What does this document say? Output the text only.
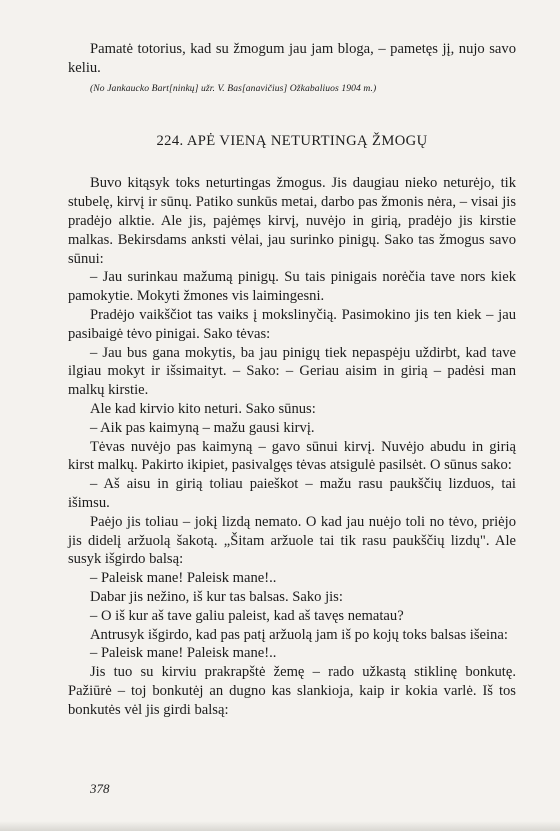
Pamatė totorius, kad su žmogum jau jam bloga, – pametęs jį, nujo savo keliu.

(No Jankaucko Bart[ninkų] užr. V. Bas[anavičius] Ožkabaliuos 1904 m.)

224. APĖ VIENĄ NETURTINGĄ ŽMOGŲ

Buvo kitąsyk toks neturtingas žmogus. Jis daugiau nieko neturėjo, tik stubelę, kirvį ir sūnų. Patiko sunkūs metai, darbo pas žmonis nėra, – visai jis pradėjo alktie. Ale jis, pajėmęs kirvį, nuvėjo in girią, pradėjo jis kirstie malkas. Bekirsdams anksti vėlai, jau surinko pinigų. Sako tas žmogus savo sūnui:

– Jau surinkau mažumą pinigų. Su tais pinigais norėčia tave nors kiek pamokytie. Mokyti žmones vis laimingesni.

Pradėjo vaikščiot tas vaiks į mokslinyčią. Pasimokino jis ten kiek – jau pasibaigė tėvo pinigai. Sako tėvas:

– Jau bus gana mokytis, ba jau pinigų tiek nepaspėju uždirbt, kad tave ilgiau mokyt ir išsimaityt. – Sako: – Geriau aisim in girią – padėsi man malkų kirstie.

Ale kad kirvio kito neturi. Sako sūnus:

– Aik pas kaimyną – mažu gausi kirvį.

Tėvas nuvėjo pas kaimyną – gavo sūnui kirvį. Nuvėjo abudu in girią kirst malkų. Pakirto ikipiet, pasivalgęs tėvas atsigulė pasilsėt. O sūnus sako:

– Aš aisu in girią toliau paieškot – mažu rasu paukščių lizduos, tai išimsu.

Paėjo jis toliau – jokį lizdą nemato. O kad jau nuėjo toli no tėvo, priėjo jis didelį aržuolą šakotą. „Šitam aržuole tai tik rasu paukščių lizdų". Ale susyk išgirdo balsą:

– Paleisk mane! Paleisk mane!..

Dabar jis nežino, iš kur tas balsas. Sako jis:

– O iš kur aš tave galiu paleist, kad aš tavęs nematau?

Antrusyk išgirdo, kad pas patį aržuolą jam iš po kojų toks balsas išeina:

– Paleisk mane! Paleisk mane!..

Jis tuo su kirviu prakrapštė žemę – rado užkastą stiklinę bonkutę. Pažiūrė – toj bonkutėj an dugno kas slankioja, kaip ir kokia varlė. Iš tos bonkutės vėl jis girdi balsą:

378
